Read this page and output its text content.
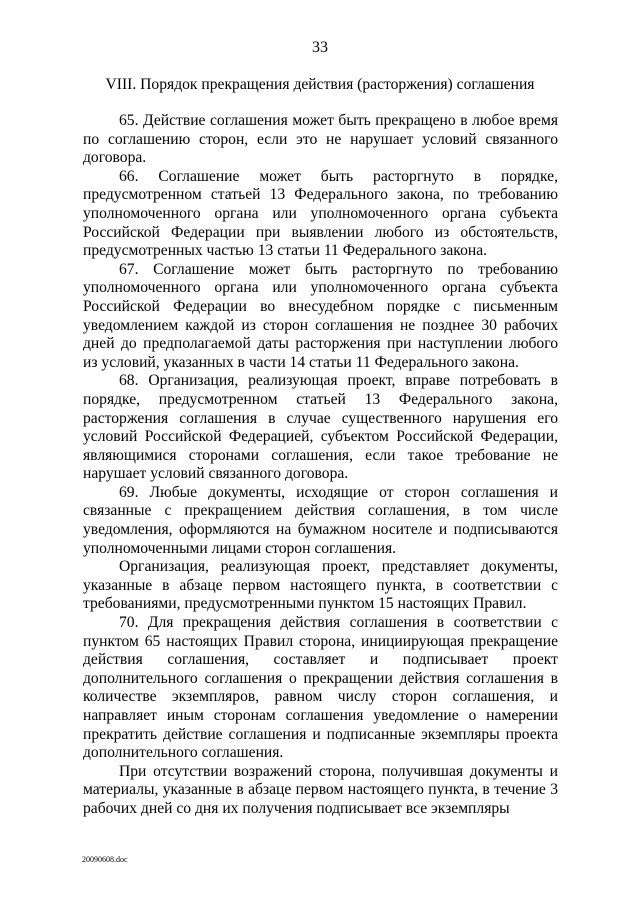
33
VIII. Порядок прекращения действия (расторжения) соглашения

65. Действие соглашения может быть прекращено в любое время по соглашению сторон, если это не нарушает условий связанного договора.

66. Соглашение может быть расторгнуто в порядке, предусмотренном статьей 13 Федерального закона, по требованию уполномоченного органа или уполномоченного органа субъекта Российской Федерации при выявлении любого из обстоятельств, предусмотренных частью 13 статьи 11 Федерального закона.

67. Соглашение может быть расторгнуто по требованию уполномоченного органа или уполномоченного органа субъекта Российской Федерации во внесудебном порядке с письменным уведомлением каждой из сторон соглашения не позднее 30 рабочих дней до предполагаемой даты расторжения при наступлении любого из условий, указанных в части 14 статьи 11 Федерального закона.

68. Организация, реализующая проект, вправе потребовать в порядке, предусмотренном статьей 13 Федерального закона, расторжения соглашения в случае существенного нарушения его условий Российской Федерацией, субъектом Российской Федерации, являющимися сторонами соглашения, если такое требование не нарушает условий связанного договора.

69. Любые документы, исходящие от сторон соглашения и связанные с прекращением действия соглашения, в том числе уведомления, оформляются на бумажном носителе и подписываются уполномоченными лицами сторон соглашения.

Организация, реализующая проект, представляет документы, указанные в абзаце первом настоящего пункта, в соответствии с требованиями, предусмотренными пунктом 15 настоящих Правил.

70. Для прекращения действия соглашения в соответствии с пунктом 65 настоящих Правил сторона, инициирующая прекращение действия соглашения, составляет и подписывает проект дополнительного соглашения о прекращении действия соглашения в количестве экземпляров, равном числу сторон соглашения, и направляет иным сторонам соглашения уведомление о намерении прекратить действие соглашения и подписанные экземпляры проекта дополнительного соглашения.

При отсутствии возражений сторона, получившая документы и материалы, указанные в абзаце первом настоящего пункта, в течение 3 рабочих дней со дня их получения подписывает все экземпляры

20090608.doc
